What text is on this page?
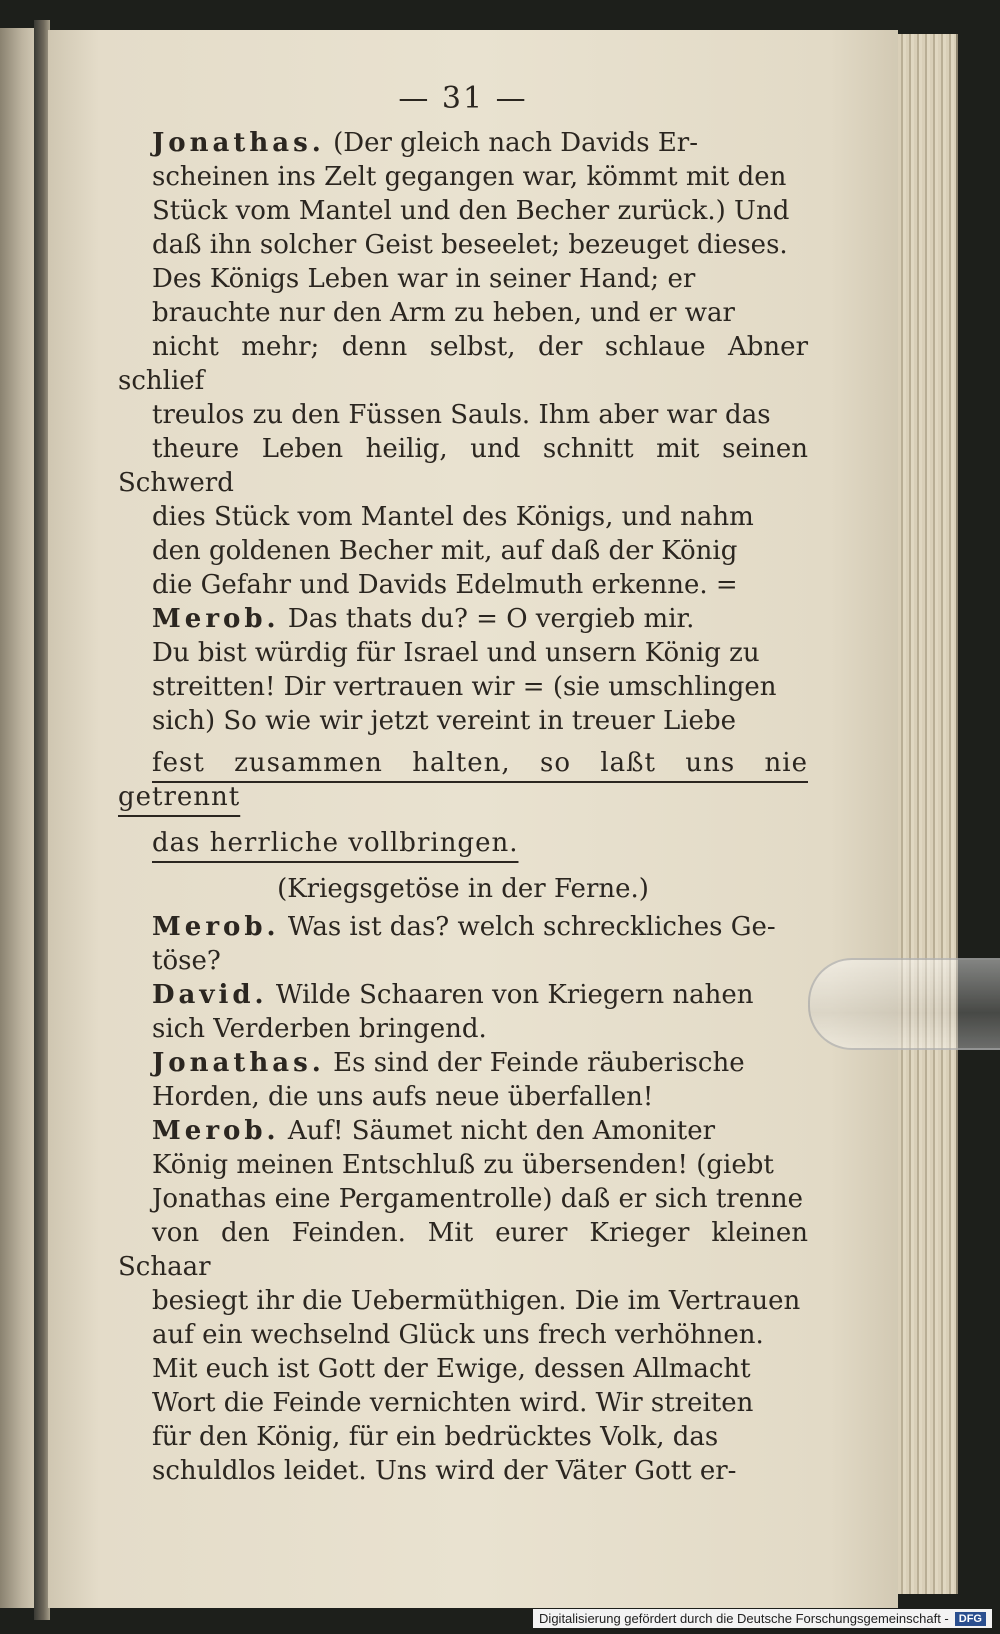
— 31 —

Jonathas. (Der gleich nach Davids Er-
scheinen ins Zelt gegangen war, kömmt mit den
Stück vom Mantel und den Becher zurück.) Und
daß ihn solcher Geist beseelet; bezeuget dieses.
Des Königs Leben war in seiner Hand; er
brauchte nur den Arm zu heben, und er war
nicht mehr; denn selbst, der schlaue Abner schlief
treulos zu den Füssen Sauls. Ihm aber war das
theure Leben heilig, und schnitt mit seinen Schwerd
dies Stück vom Mantel des Königs, und nahm
den goldenen Becher mit, auf daß der König
die Gefahr und Davids Edelmuth erkenne. =

Merob. Das thats du? = O vergieb mir.
Du bist würdig für Israel und unsern König zu
streitten! Dir vertrauen wir = (sie umschlingen
sich) So wie wir jetzt vereint in treuer Liebe
fest zusammen halten, so laßt uns nie getrennt
das herrliche vollbringen.

(Kriegsgetöse in der Ferne.)

Merob. Was ist das? welch schreckliches Ge-
töse?

David. Wilde Schaaren von Kriegern nahen
sich Verderben bringend.

Jonathas. Es sind der Feinde räuberische
Horden, die uns aufs neue überfallen!

Merob. Auf! Säumet nicht den Amoniter
König meinen Entschluß zu übersenden! (giebt
Jonathas eine Pergamentrolle) daß er sich trenne
von den Feinden. Mit eurer Krieger kleinen Schaar
besiegt ihr die Uebermüthigen. Die im Vertrauen
auf ein wechselnd Glück uns frech verhöhnen.
Mit euch ist Gott der Ewige, dessen Allmacht
Wort die Feinde vernichten wird. Wir streiten
für den König, für ein bedrücktes Volk, das
schuldlos leidet. Uns wird der Väter Gott er-

Digitalisierung gefördert durch die Deutsche Forschungsgemeinschaft - DFG
